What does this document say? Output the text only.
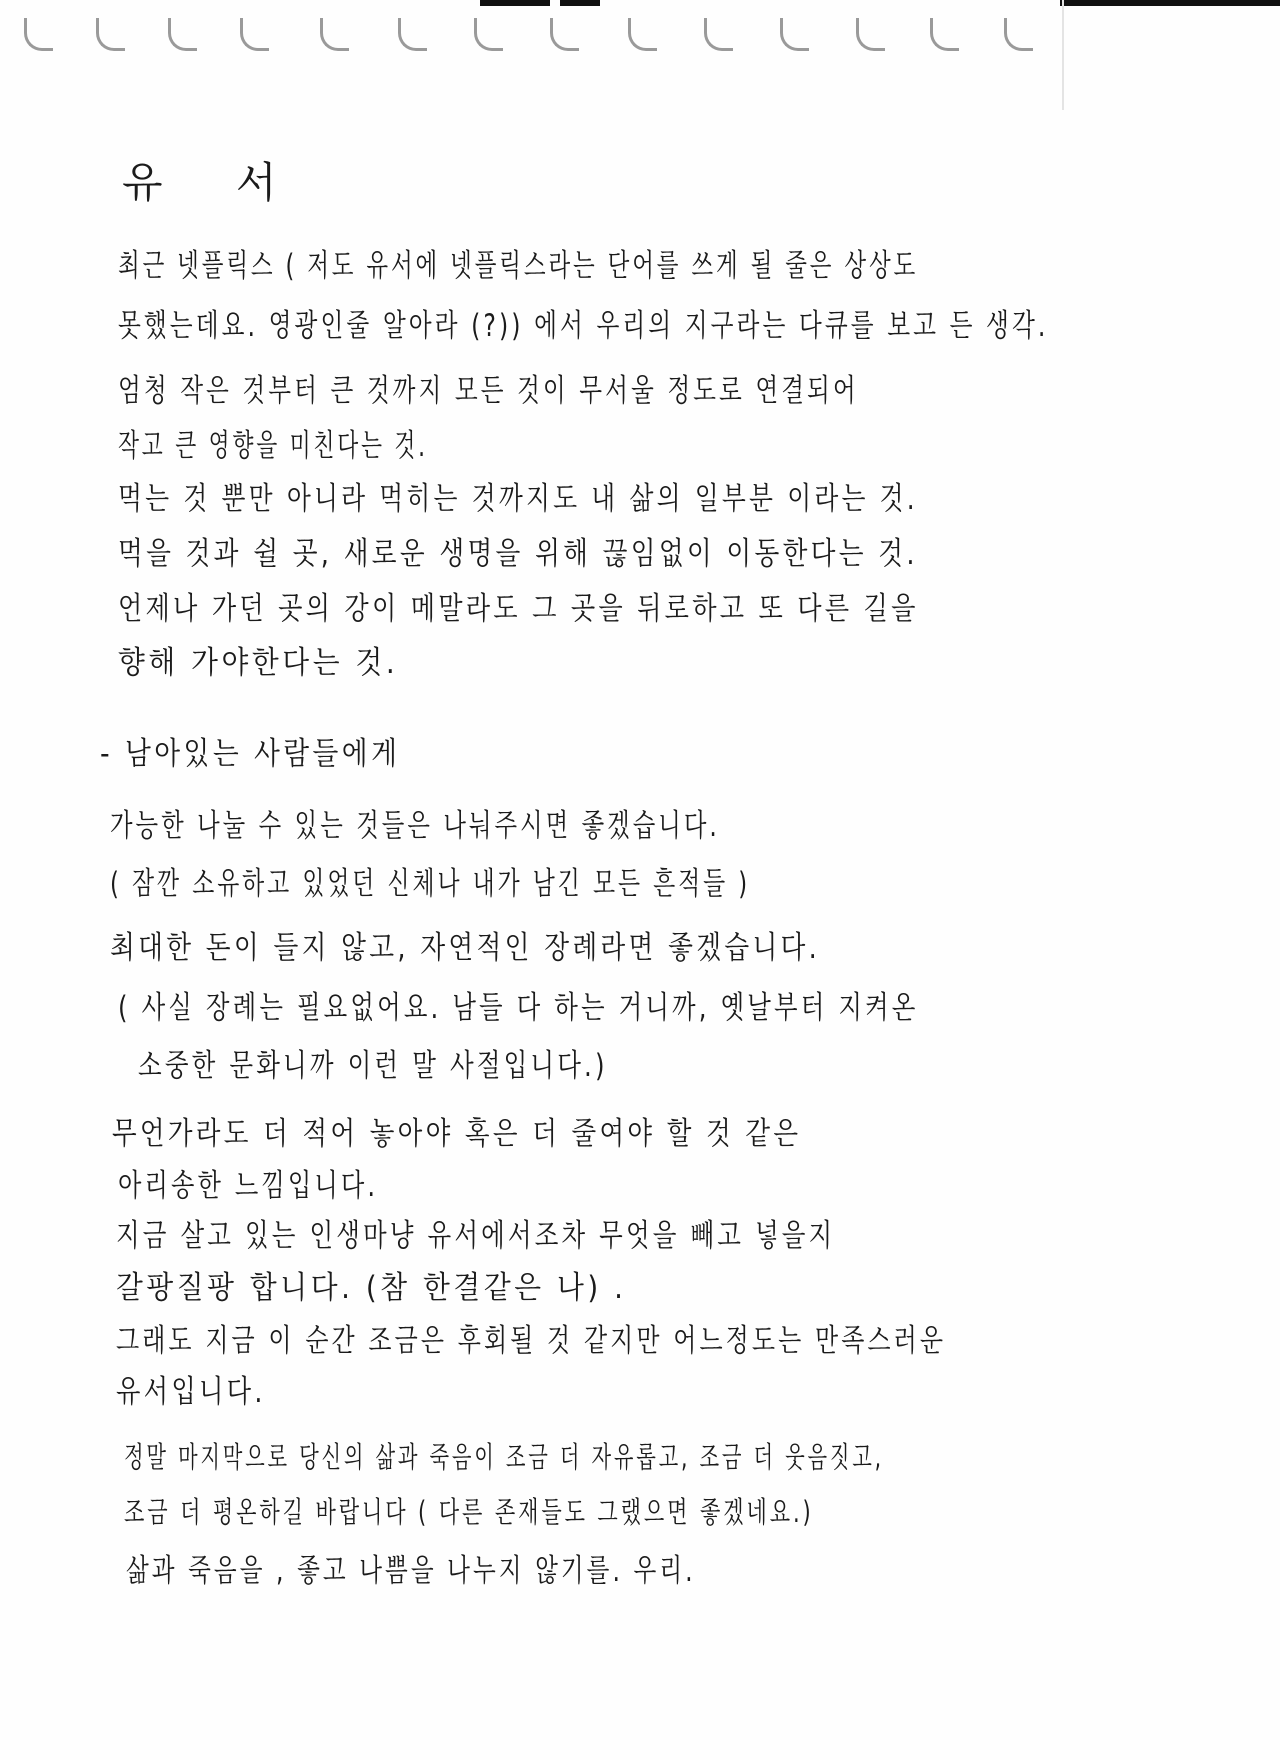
유 서
최근 넷플릭스 ( 저도 유서에 넷플릭스라는 단어를 쓰게 될 줄은 상상도
못했는데요. 영광인줄 알아라 (?)) 에서 우리의 지구라는 다큐를 보고 든 생각.
엄청 작은 것부터 큰 것까지 모든 것이 무서울 정도로 연결되어
작고 큰 영향을 미친다는 것.
먹는 것 뿐만 아니라 먹히는 것까지도 내 삶의 일부분 이라는 것.
먹을 것과 쉴 곳, 새로운 생명을 위해 끊임없이 이동한다는 것.
언제나 가던 곳의 강이 메말라도 그 곳을 뒤로하고 또 다른 길을
향해 가야한다는 것.
- 남아있는 사람들에게
가능한 나눌 수 있는 것들은 나눠주시면 좋겠습니다.
( 잠깐 소유하고 있었던 신체나 내가 남긴 모든 흔적들 )
최대한 돈이 들지 않고, 자연적인 장례라면 좋겠습니다.
( 사실 장례는 필요없어요. 남들 다 하는 거니까, 옛날부터 지켜온
소중한 문화니까 이런 말 사절입니다.)
무언가라도 더 적어 놓아야 혹은 더 줄여야 할 것 같은
아리송한 느낌입니다.
지금 살고 있는 인생마냥 유서에서조차 무엇을 빼고 넣을지
갈팡질팡 합니다. (참 한결같은 나) .
그래도 지금 이 순간 조금은 후회될 것 같지만 어느정도는 만족스러운
유서입니다.
정말 마지막으로 당신의 삶과 죽음이 조금 더 자유롭고, 조금 더 웃음짓고,
조금 더 평온하길 바랍니다 ( 다른 존재들도 그랬으면 좋겠네요.)
삶과 죽음을 , 좋고 나쁨을 나누지 않기를. 우리.
